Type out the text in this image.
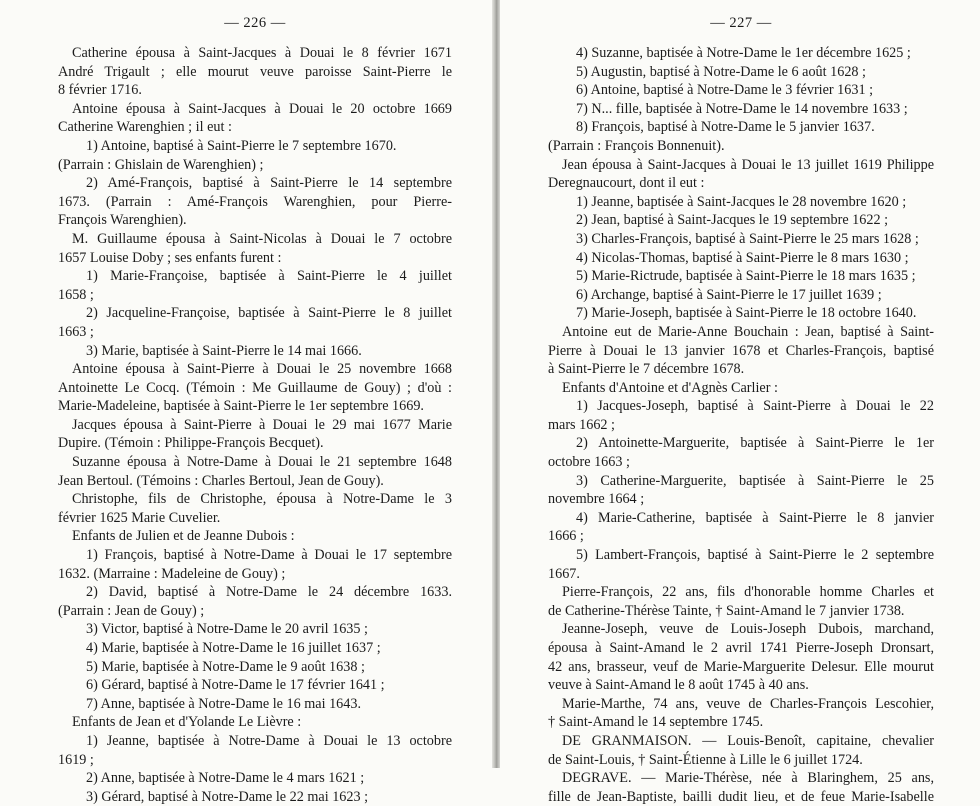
— 226 —
Catherine épousa à Saint-Jacques à Douai le 8 février 1671
André Trigault ; elle mourut veuve paroisse Saint-Pierre le
8 février 1716.
Antoine épousa à Saint-Jacques à Douai le 20 octobre 1669
Catherine Warenghien ; il eut :
1) Antoine, baptisé à Saint-Pierre le 7 septembre 1670.
(Parrain : Ghislain de Warenghien) ;
2) Amé-François, baptisé à Saint-Pierre le 14 septembre
1673. (Parrain : Amé-François Warenghien, pour Pierre-
François Warenghien).
M. Guillaume épousa à Saint-Nicolas à Douai le 7 octobre
1657 Louise Doby ; ses enfants furent :
1) Marie-Françoise, baptisée à Saint-Pierre le 4 juillet
1658 ;
2) Jacqueline-Françoise, baptisée à Saint-Pierre le 8 juillet
1663 ;
3) Marie, baptisée à Saint-Pierre le 14 mai 1666.
Antoine épousa à Saint-Pierre à Douai le 25 novembre 1668
Antoinette Le Cocq. (Témoin : Me Guillaume de Gouy) ; d'où :
Marie-Madeleine, baptisée à Saint-Pierre le 1er septembre 1669.
Jacques épousa à Saint-Pierre à Douai le 29 mai 1677 Marie
Dupire. (Témoin : Philippe-François Becquet).
Suzanne épousa à Notre-Dame à Douai le 21 septembre 1648
Jean Bertoul. (Témoins : Charles Bertoul, Jean de Gouy).
Christophe, fils de Christophe, épousa à Notre-Dame le 3
février 1625 Marie Cuvelier.
Enfants de Julien et de Jeanne Dubois :
1) François, baptisé à Notre-Dame à Douai le 17 septembre
1632. (Marraine : Madeleine de Gouy) ;
2) David, baptisé à Notre-Dame le 24 décembre 1633.
(Parrain : Jean de Gouy) ;
3) Victor, baptisé à Notre-Dame le 20 avril 1635 ;
4) Marie, baptisée à Notre-Dame le 16 juillet 1637 ;
5) Marie, baptisée à Notre-Dame le 9 août 1638 ;
6) Gérard, baptisé à Notre-Dame le 17 février 1641 ;
7) Anne, baptisée à Notre-Dame le 16 mai 1643.
Enfants de Jean et d'Yolande Le Lièvre :
1) Jeanne, baptisée à Notre-Dame à Douai le 13 octobre
1619 ;
2) Anne, baptisée à Notre-Dame le 4 mars 1621 ;
3) Gérard, baptisé à Notre-Dame le 22 mai 1623 ;
— 227 —
4) Suzanne, baptisée à Notre-Dame le 1er décembre 1625 ;
5) Augustin, baptisé à Notre-Dame le 6 août 1628 ;
6) Antoine, baptisé à Notre-Dame le 3 février 1631 ;
7) N... fille, baptisée à Notre-Dame le 14 novembre 1633 ;
8) François, baptisé à Notre-Dame le 5 janvier 1637.
(Parrain : François Bonnenuit).
Jean épousa à Saint-Jacques à Douai le 13 juillet 1619 Philippe
Deregnaucourt, dont il eut :
1) Jeanne, baptisée à Saint-Jacques le 28 novembre 1620 ;
2) Jean, baptisé à Saint-Jacques le 19 septembre 1622 ;
3) Charles-François, baptisé à Saint-Pierre le 25 mars 1628 ;
4) Nicolas-Thomas, baptisé à Saint-Pierre le 8 mars 1630 ;
5) Marie-Rictrude, baptisée à Saint-Pierre le 18 mars 1635 ;
6) Archange, baptisé à Saint-Pierre le 17 juillet 1639 ;
7) Marie-Joseph, baptisée à Saint-Pierre le 18 octobre 1640.
Antoine eut de Marie-Anne Bouchain : Jean, baptisé à Saint-
Pierre à Douai le 13 janvier 1678 et Charles-François, baptisé
à Saint-Pierre le 7 décembre 1678.
Enfants d'Antoine et d'Agnès Carlier :
1) Jacques-Joseph, baptisé à Saint-Pierre à Douai le 22
mars 1662 ;
2) Antoinette-Marguerite, baptisée à Saint-Pierre le 1er
octobre 1663 ;
3) Catherine-Marguerite, baptisée à Saint-Pierre le 25
novembre 1664 ;
4) Marie-Catherine, baptisée à Saint-Pierre le 8 janvier
1666 ;
5) Lambert-François, baptisé à Saint-Pierre le 2 septembre
1667.
Pierre-François, 22 ans, fils d'honorable homme Charles et
de Catherine-Thérèse Tainte, † Saint-Amand le 7 janvier 1738.
Jeanne-Joseph, veuve de Louis-Joseph Dubois, marchand,
épousa à Saint-Amand le 2 avril 1741 Pierre-Joseph Dronsart,
42 ans, brasseur, veuf de Marie-Marguerite Delesur. Elle mourut
veuve à Saint-Amand le 8 août 1745 à 40 ans.
Marie-Marthe, 74 ans, veuve de Charles-François Lescohier,
† Saint-Amand le 14 septembre 1745.
DE GRANMAISON. — Louis-Benoît, capitaine, chevalier
de Saint-Louis, † Saint-Étienne à Lille le 6 juillet 1724.
DEGRAVE. — Marie-Thérèse, née à Blaringhem, 25 ans,
fille de Jean-Baptiste, bailli dudit lieu, et de feue Marie-Isabelle
